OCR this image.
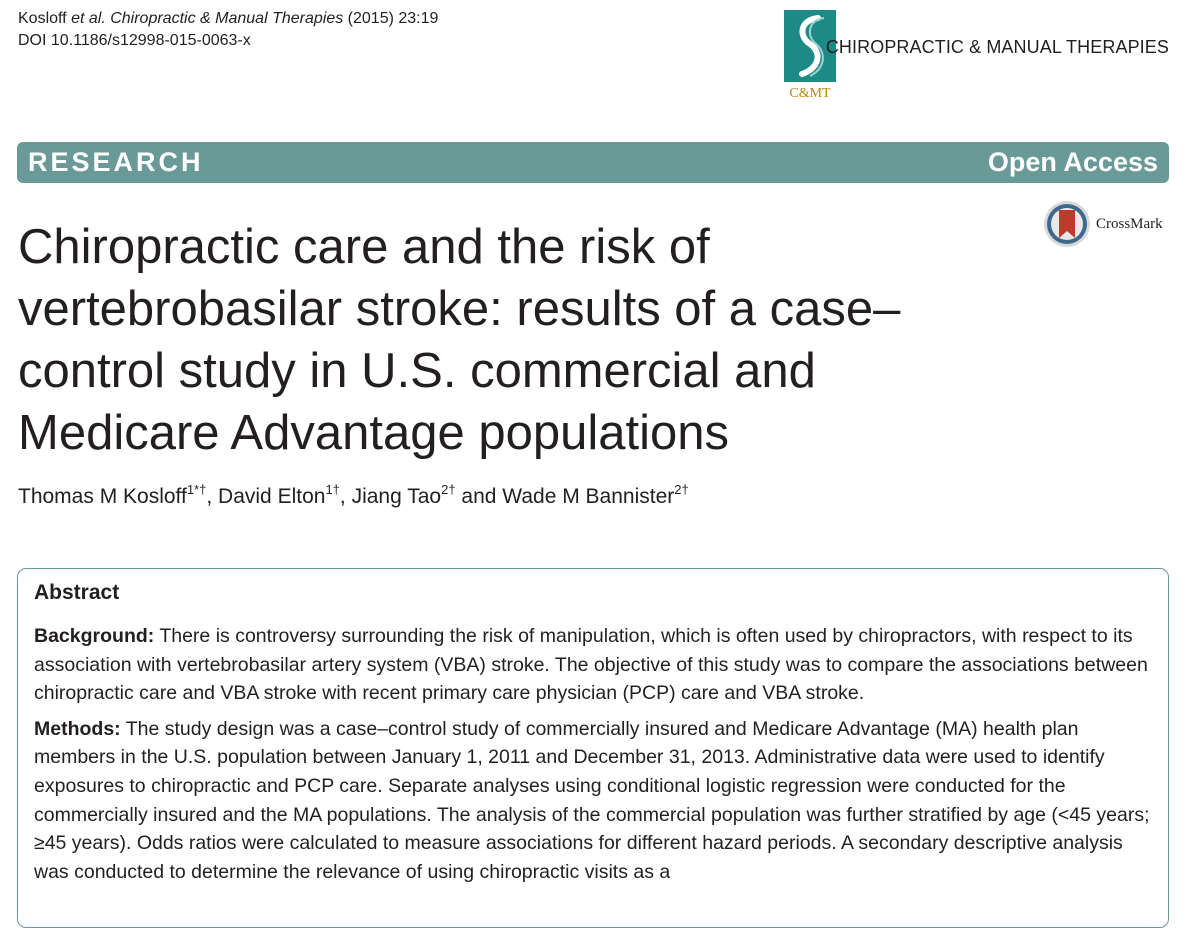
Kosloff et al. Chiropractic & Manual Therapies (2015) 23:19
DOI 10.1186/s12998-015-0063-x
C&MT
CHIROPRACTIC & MANUAL THERAPIES
RESEARCH	Open Access
CrossMark
Chiropractic care and the risk of vertebrobasilar stroke: results of a case–control study in U.S. commercial and Medicare Advantage populations
Thomas M Kosloff$^{1*\dagger}$, David Elton$^{1\dagger}$, Jiang Tao$^{2\dagger}$ and Wade M Bannister$^{2\dagger}$
Abstract

Background: There is controversy surrounding the risk of manipulation, which is often used by chiropractors, with respect to its association with vertebrobasilar artery system (VBA) stroke. The objective of this study was to compare the associations between chiropractic care and VBA stroke with recent primary care physician (PCP) care and VBA stroke.

Methods: The study design was a case–control study of commercially insured and Medicare Advantage (MA) health plan members in the U.S. population between January 1, 2011 and December 31, 2013. Administrative data were used to identify exposures to chiropractic and PCP care. Separate analyses using conditional logistic regression were conducted for the commercially insured and the MA populations. The analysis of the commercial population was further stratified by age (<45 years; ≥45 years). Odds ratios were calculated to measure associations for different hazard periods. A secondary descriptive analysis was conducted to determine the relevance of using chiropractic visits as a
